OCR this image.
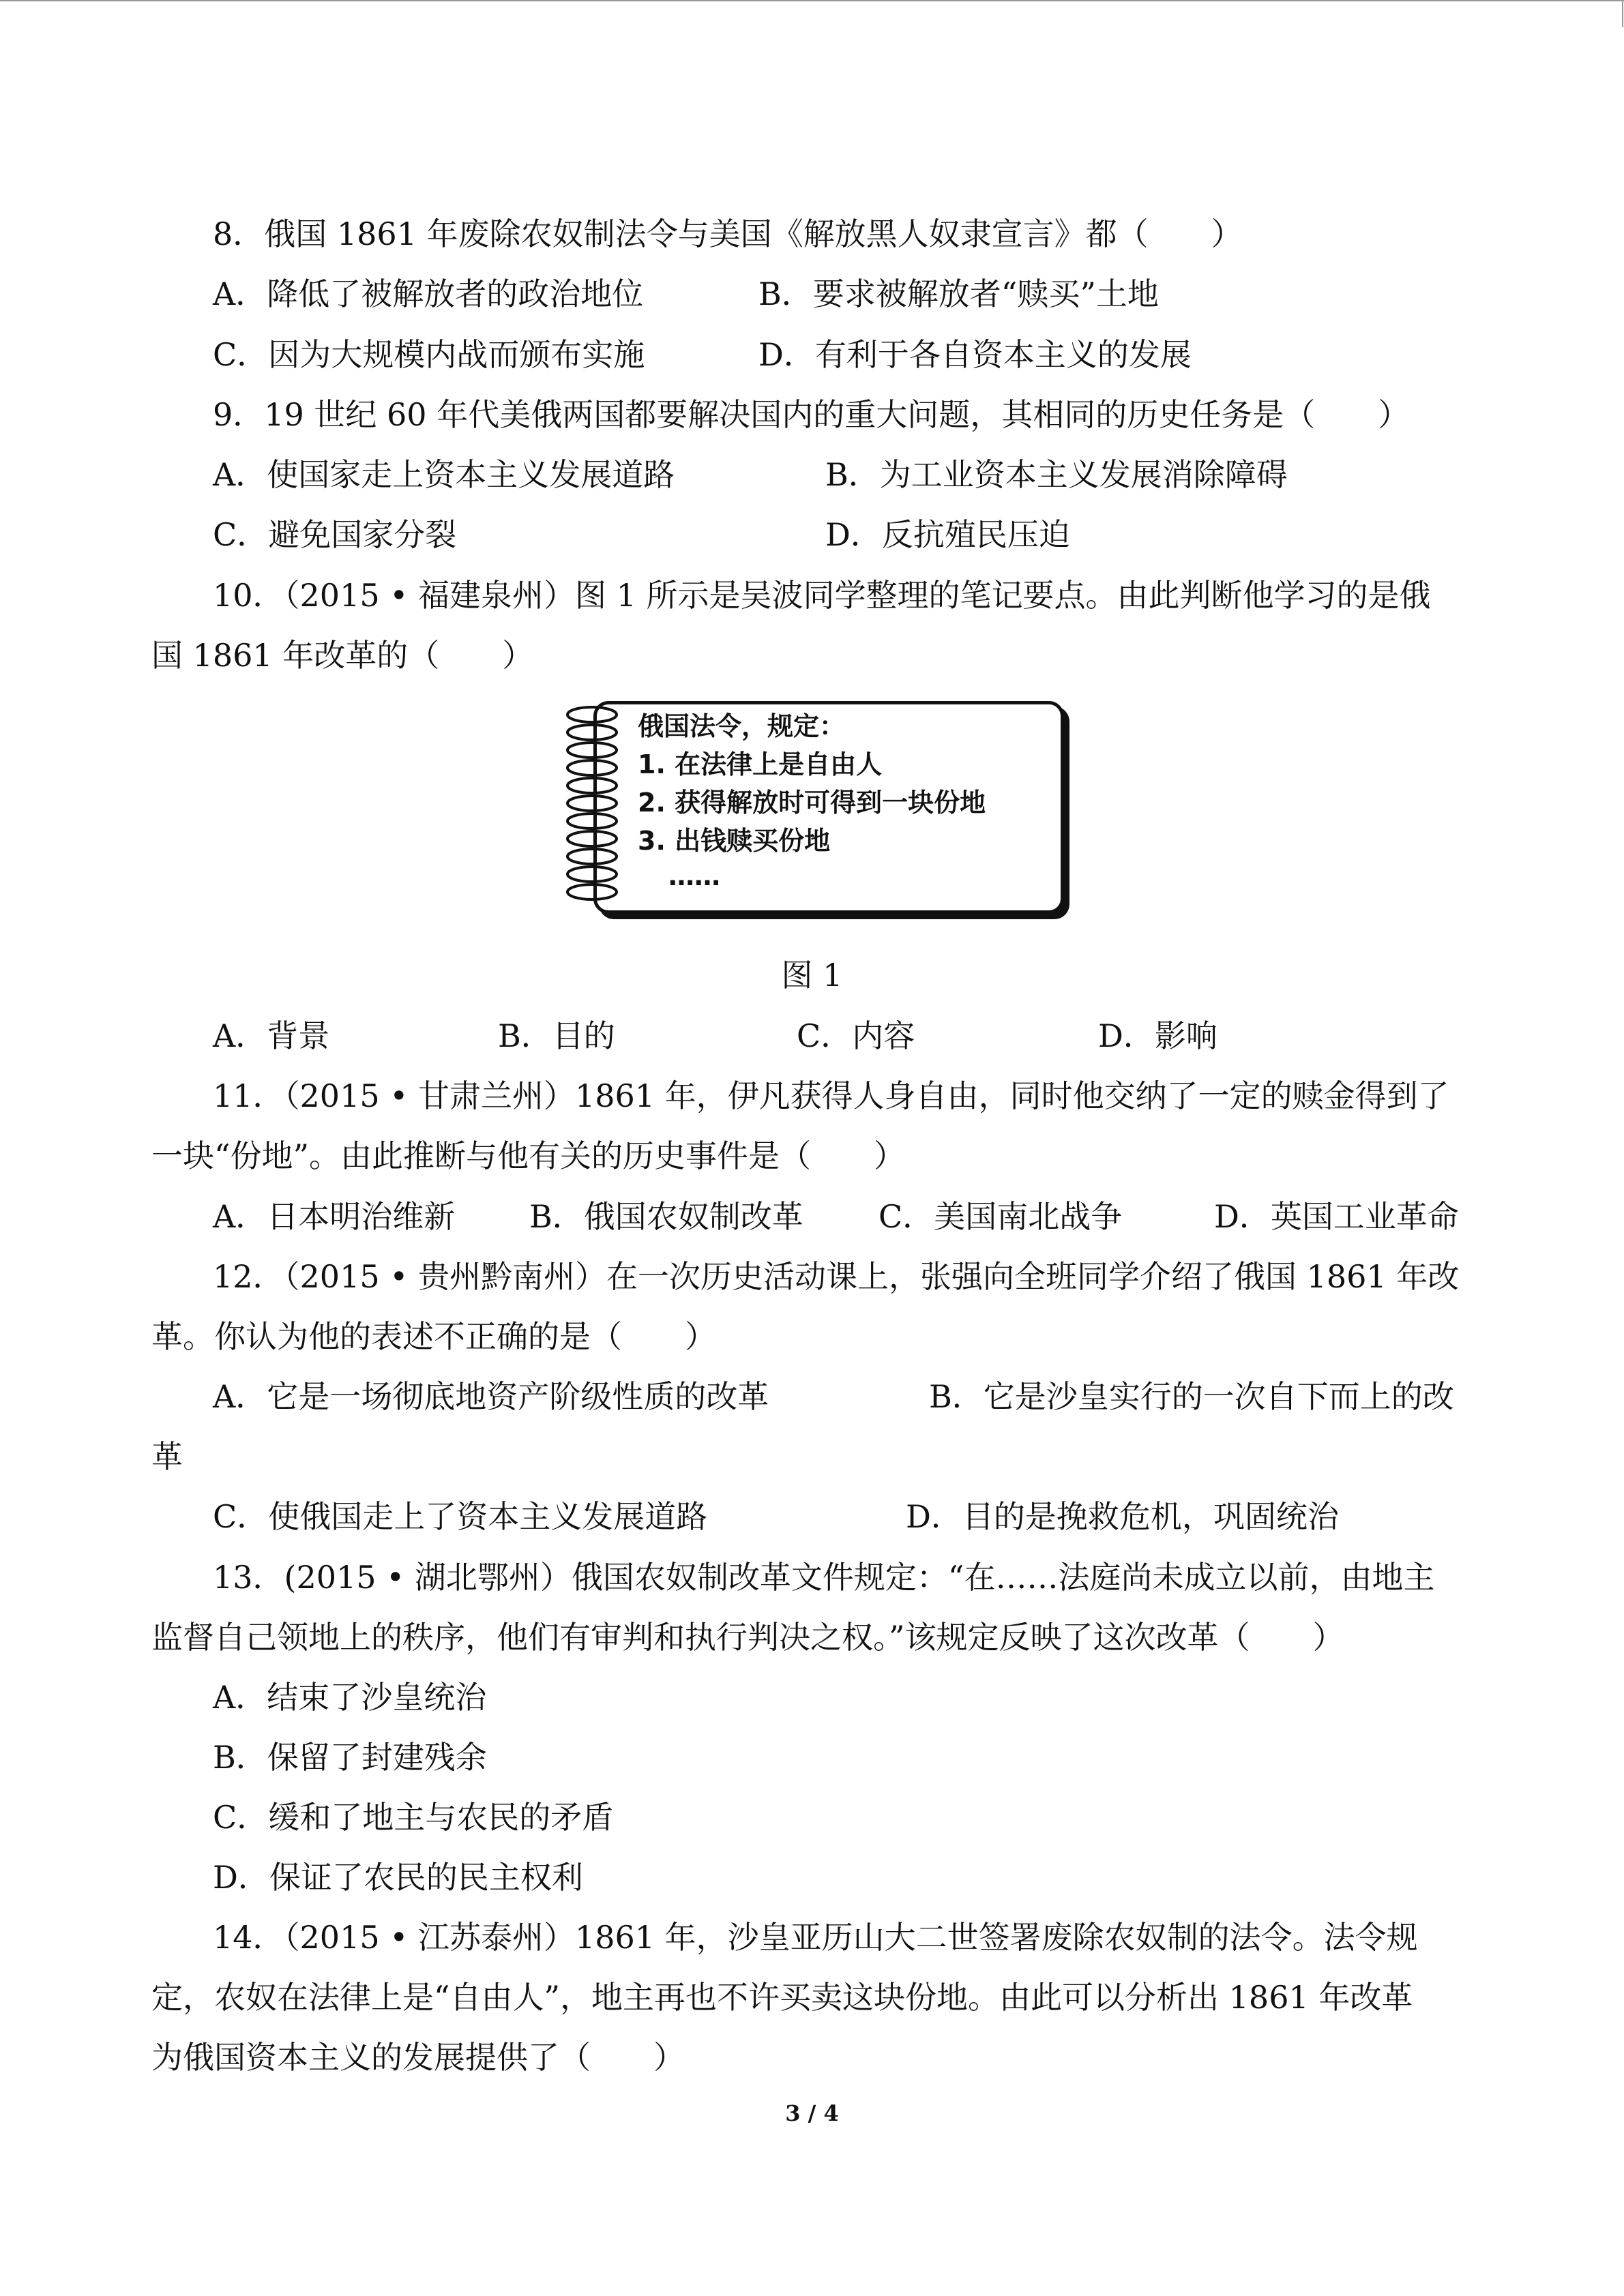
8．俄国 1861 年废除农奴制法令与美国《解放黑人奴隶宣言》都（　　）
A．降低了被解放者的政治地位	B．要求被解放者“赎买”土地
C．因为大规模内战而颁布实施	D．有利于各自资本主义的发展
9．19 世纪 60 年代美俄两国都要解决国内的重大问题，其相同的历史任务是（　　）
A．使国家走上资本主义发展道路	B．为工业资本主义发展消除障碍
C．避免国家分裂	D．反抗殖民压迫
10．（2015 • 福建泉州）图 1 所示是吴波同学整理的笔记要点。由此判断他学习的是俄
国 1861 年改革的（　　）
俄国法令，规定：
1. 在法律上是自由人
2. 获得解放时可得到一块份地
3. 出钱赎买份地
……
图 1
A．背景	B．目的	C．内容	D．影响
11．（2015 • 甘肃兰州）1861 年，伊凡获得人身自由，同时他交纳了一定的赎金得到了
一块“份地”。由此推断与他有关的历史事件是（　　）
A．日本明治维新 B．俄国农奴制改革 C．美国南北战争	D．英国工业革命
12．（2015 • 贵州黔南州）在一次历史活动课上，张强向全班同学介绍了俄国 1861 年改
革。你认为他的表述不正确的是（　　）
A．它是一场彻底地资产阶级性质的改革	B．它是沙皇实行的一次自下而上的改
革
C．使俄国走上了资本主义发展道路	D．目的是挽救危机，巩固统治
13．(2015 • 湖北鄂州）俄国农奴制改革文件规定：“在……法庭尚未成立以前，由地主
监督自己领地上的秩序，他们有审判和执行判决之权。”该规定反映了这次改革（　　）
A．结束了沙皇统治
B．保留了封建残余
C．缓和了地主与农民的矛盾
D．保证了农民的民主权利
14．（2015 • 江苏泰州）1861 年，沙皇亚历山大二世签署废除农奴制的法令。法令规
定，农奴在法律上是“自由人”，地主再也不许买卖这块份地。由此可以分析出 1861 年改革
为俄国资本主义的发展提供了（　　）
3 / 4
